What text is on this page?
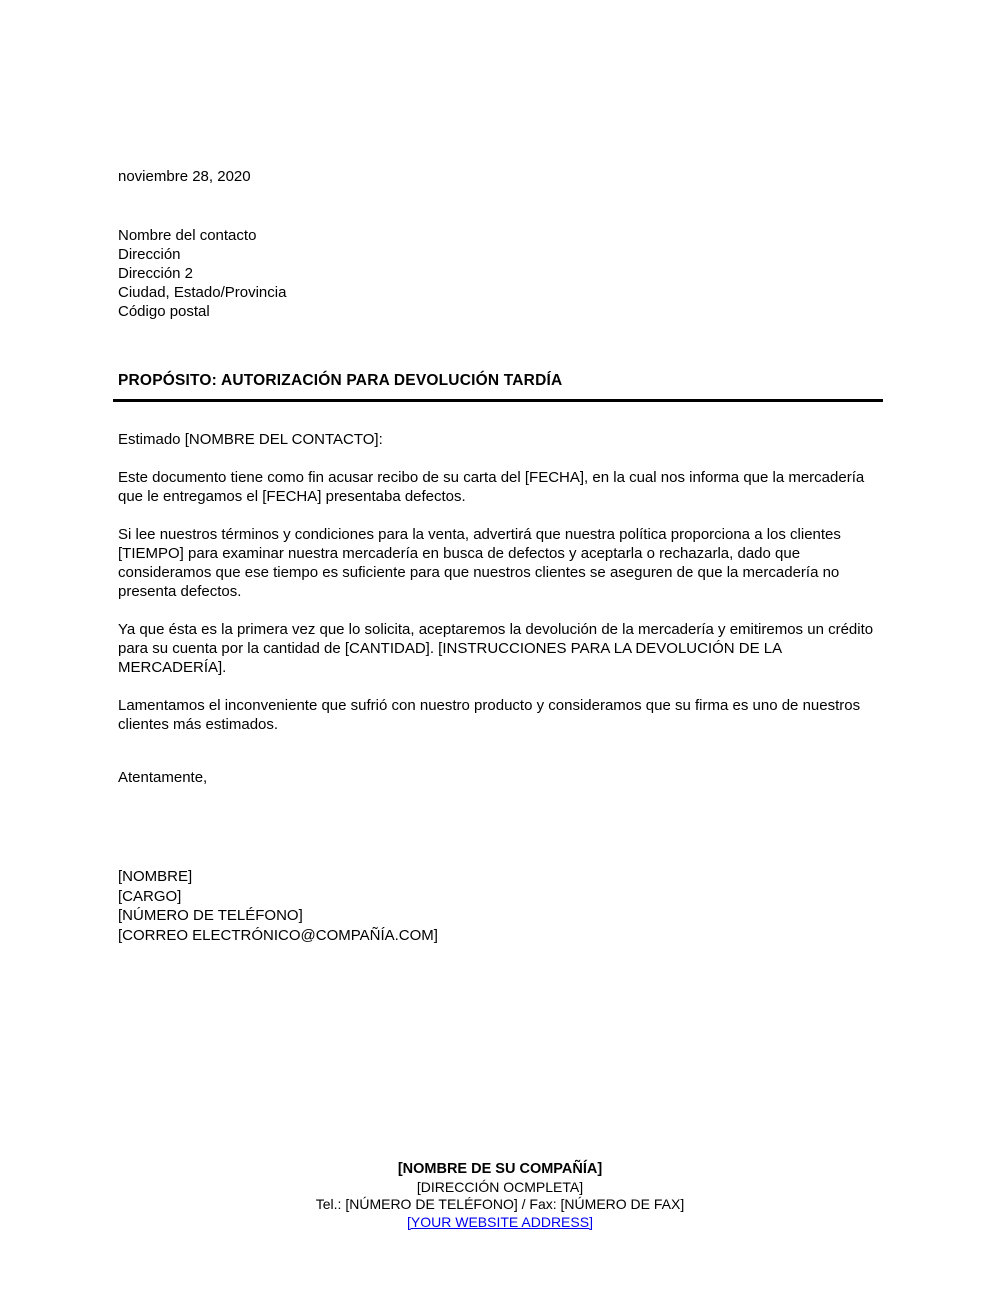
noviembre 28, 2020
Nombre del contacto
Dirección
Dirección 2
Ciudad, Estado/Provincia
Código postal
PROPÓSITO: AUTORIZACIÓN PARA DEVOLUCIÓN TARDÍA
Estimado [NOMBRE DEL CONTACTO]:

Este documento tiene como fin acusar recibo de su carta del [FECHA], en la cual nos informa que la mercadería que le entregamos el [FECHA] presentaba defectos.

Si lee nuestros términos y condiciones para la venta, advertirá que nuestra política proporciona a los clientes [TIEMPO] para examinar nuestra mercadería en busca de defectos y aceptarla o rechazarla, dado que consideramos que ese tiempo es suficiente para que nuestros clientes se aseguren de que la mercadería no presenta defectos.

Ya que ésta es la primera vez que lo solicita, aceptaremos la devolución de la mercadería y emitiremos un crédito para su cuenta por la cantidad de [CANTIDAD]. [INSTRUCCIONES PARA LA DEVOLUCIÓN DE LA MERCADERÍA].

Lamentamos el inconveniente que sufrió con nuestro producto y consideramos que su firma es uno de nuestros clientes más estimados.

Atentamente,
[NOMBRE]
[CARGO]
[NÚMERO DE TELÉFONO]
[CORREO ELECTRÓNICO@COMPAÑÍA.COM]
[NOMBRE DE SU COMPAÑÍA]
[DIRECCIÓN OCMPLETA]
Tel.: [NÚMERO DE TELÉFONO] / Fax: [NÚMERO DE FAX]
[YOUR WEBSITE ADDRESS]
